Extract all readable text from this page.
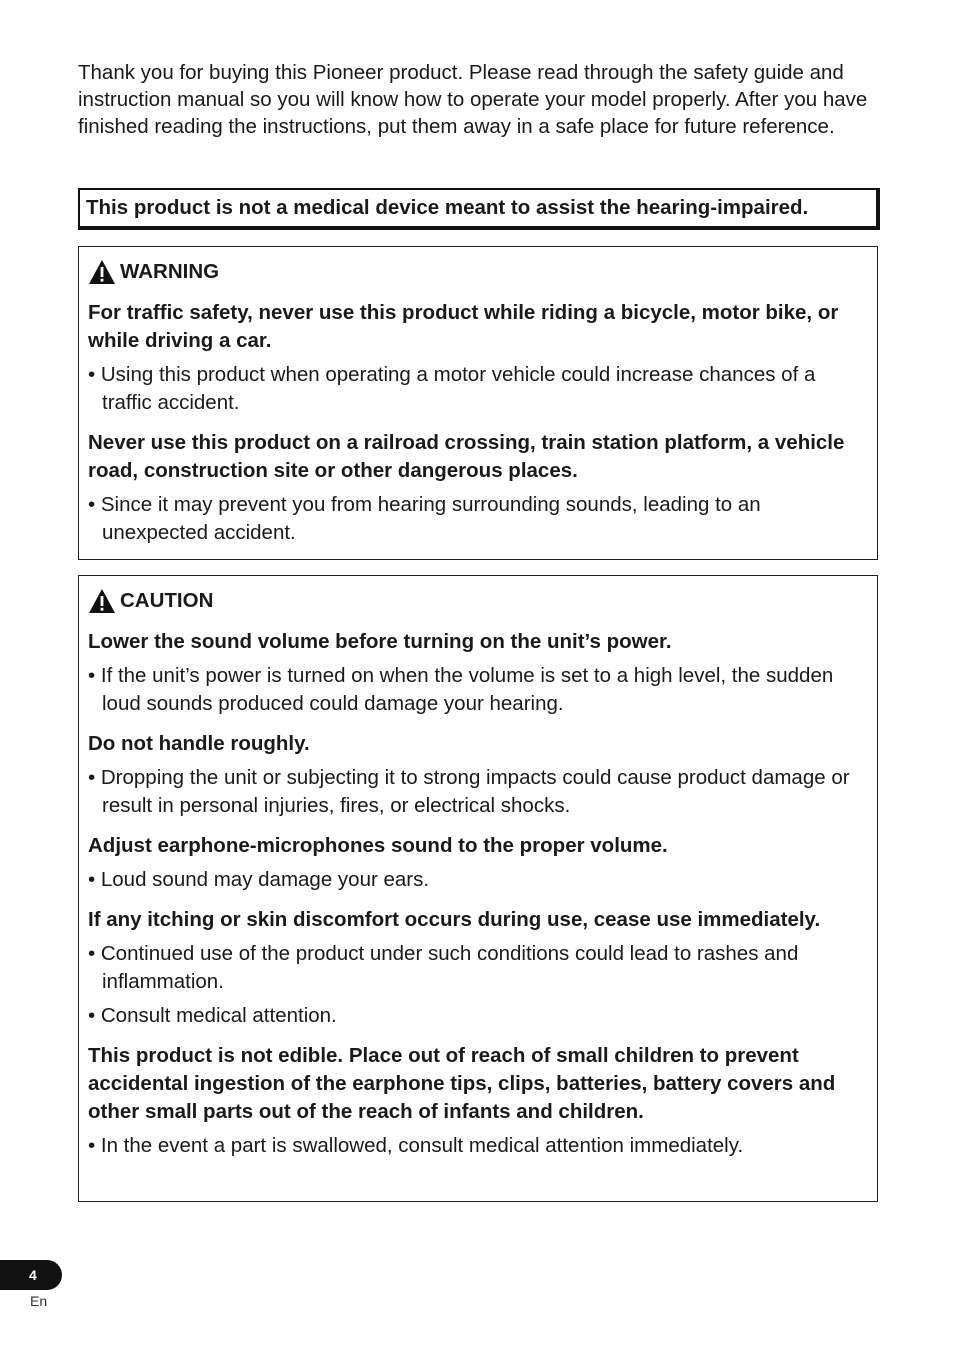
Thank you for buying this Pioneer product. Please read through the safety guide and instruction manual so you will know how to operate your model properly. After you have finished reading the instructions, put them away in a safe place for future reference.

This product is not a medical device meant to assist the hearing-impaired.
WARNING

For traffic safety, never use this product while riding a bicycle, motor bike, or while driving a car.

• Using this product when operating a motor vehicle could increase chances of a traffic accident.

Never use this product on a railroad crossing, train station platform, a vehicle road, construction site or other dangerous places.

• Since it may prevent you from hearing surrounding sounds, leading to an unexpected accident.

CAUTION

Lower the sound volume before turning on the unit’s power.

• If the unit’s power is turned on when the volume is set to a high level, the sudden loud sounds produced could damage your hearing.

Do not handle roughly.

• Dropping the unit or subjecting it to strong impacts could cause product damage or result in personal injuries, fires, or electrical shocks.

Adjust earphone-microphones sound to the proper volume.

• Loud sound may damage your ears.

If any itching or skin discomfort occurs during use, cease use immediately.

• Continued use of the product under such conditions could lead to rashes and inflammation.

• Consult medical attention.

This product is not edible. Place out of reach of small children to prevent accidental ingestion of the earphone tips, clips, batteries, battery covers and other small parts out of the reach of infants and children.

• In the event a part is swallowed, consult medical attention immediately.

4
En
